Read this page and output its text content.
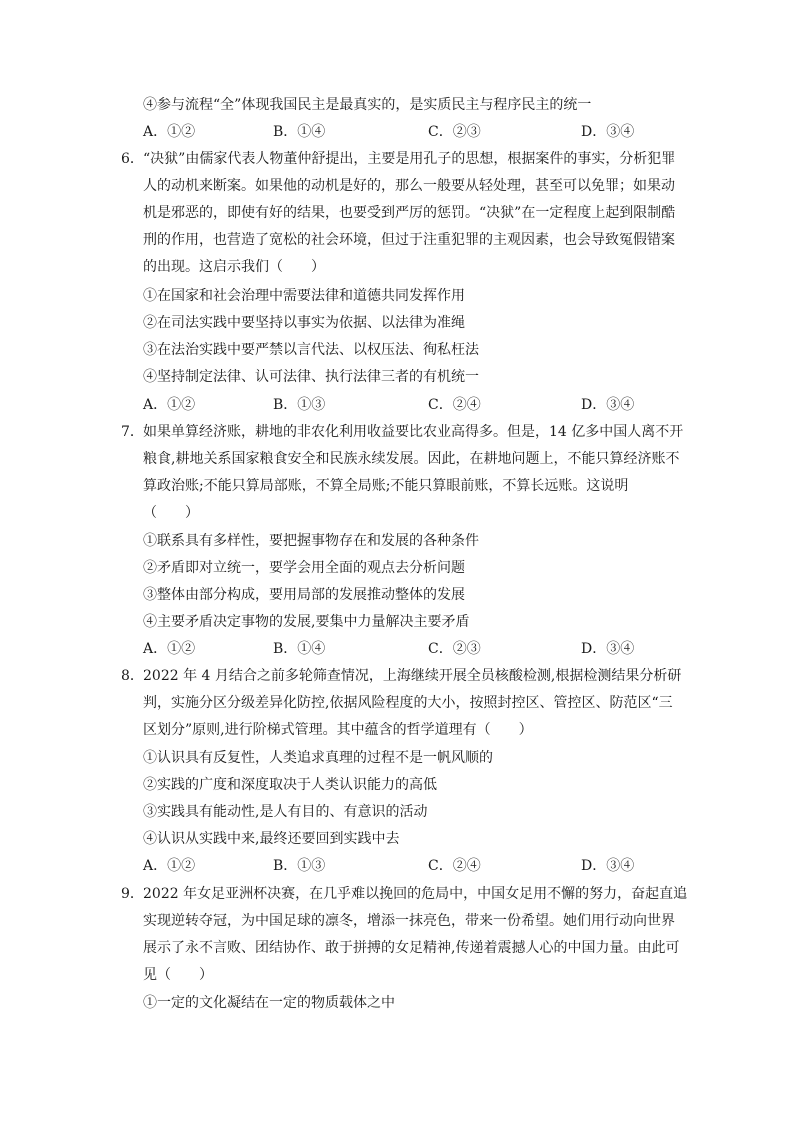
④参与流程“全”体现我国民主是最真实的，是实质民主与程序民主的统一
A．①②	B．①④	C．②③	D．③④
6． “决狱”由儒家代表人物董仲舒提出，主要是用孔子的思想，根据案件的事实，分析犯罪
人的动机来断案。如果他的动机是好的，那么一般要从轻处理，甚至可以免罪；如果动
机是邪恶的，即使有好的结果，也要受到严厉的惩罚。“决狱”在一定程度上起到限制酷
刑的作用，也营造了宽松的社会环境，但过于注重犯罪的主观因素，也会导致冤假错案
的出现。这启示我们（　　）
①在国家和社会治理中需要法律和道德共同发挥作用
②在司法实践中要坚持以事实为依据、以法律为准绳
③在法治实践中要严禁以言代法、以权压法、徇私枉法
④坚持制定法律、认可法律、执行法律三者的有机统一
A．①②	B．①③	C．②④	D．③④
7． 如果单算经济账，耕地的非农化利用收益要比农业高得多。但是，14 亿多中国人离不开
粮食,耕地关系国家粮食安全和民族永续发展。因此，在耕地问题上，不能只算经济账不
算政治账;不能只算局部账，不算全局账;不能只算眼前账，不算长远账。这说明
（　　）
①联系具有多样性，要把握事物存在和发展的各种条件
②矛盾即对立统一，要学会用全面的观点去分析问题
③整体由部分构成，要用局部的发展推动整体的发展
④主要矛盾决定事物的发展,要集中力量解决主要矛盾
A．①②	B．①④	C．②③	D．③④
8． 2022 年 4 月结合之前多轮筛查情况，上海继续开展全员核酸检测,根据检测结果分析研
判，实施分区分级差异化防控,依据风险程度的大小，按照封控区、管控区、防范区“三
区划分”原则,进行阶梯式管理。其中蕴含的哲学道理有（　　）
①认识具有反复性，人类追求真理的过程不是一帆风顺的
②实践的广度和深度取决于人类认识能力的高低
③实践具有能动性,是人有目的、有意识的活动
④认识从实践中来,最终还要回到实践中去
A．①②	B．①③	C．②④	D．③④
9． 2022 年女足亚洲杯决赛，在几乎难以挽回的危局中，中国女足用不懈的努力，奋起直追
实现逆转夺冠，为中国足球的凛冬，增添一抹亮色，带来一份希望。她们用行动向世界
展示了永不言败、团结协作、敢于拼搏的女足精神,传递着震撼人心的中国力量。由此可
见（　　）
①一定的文化凝结在一定的物质载体之中
